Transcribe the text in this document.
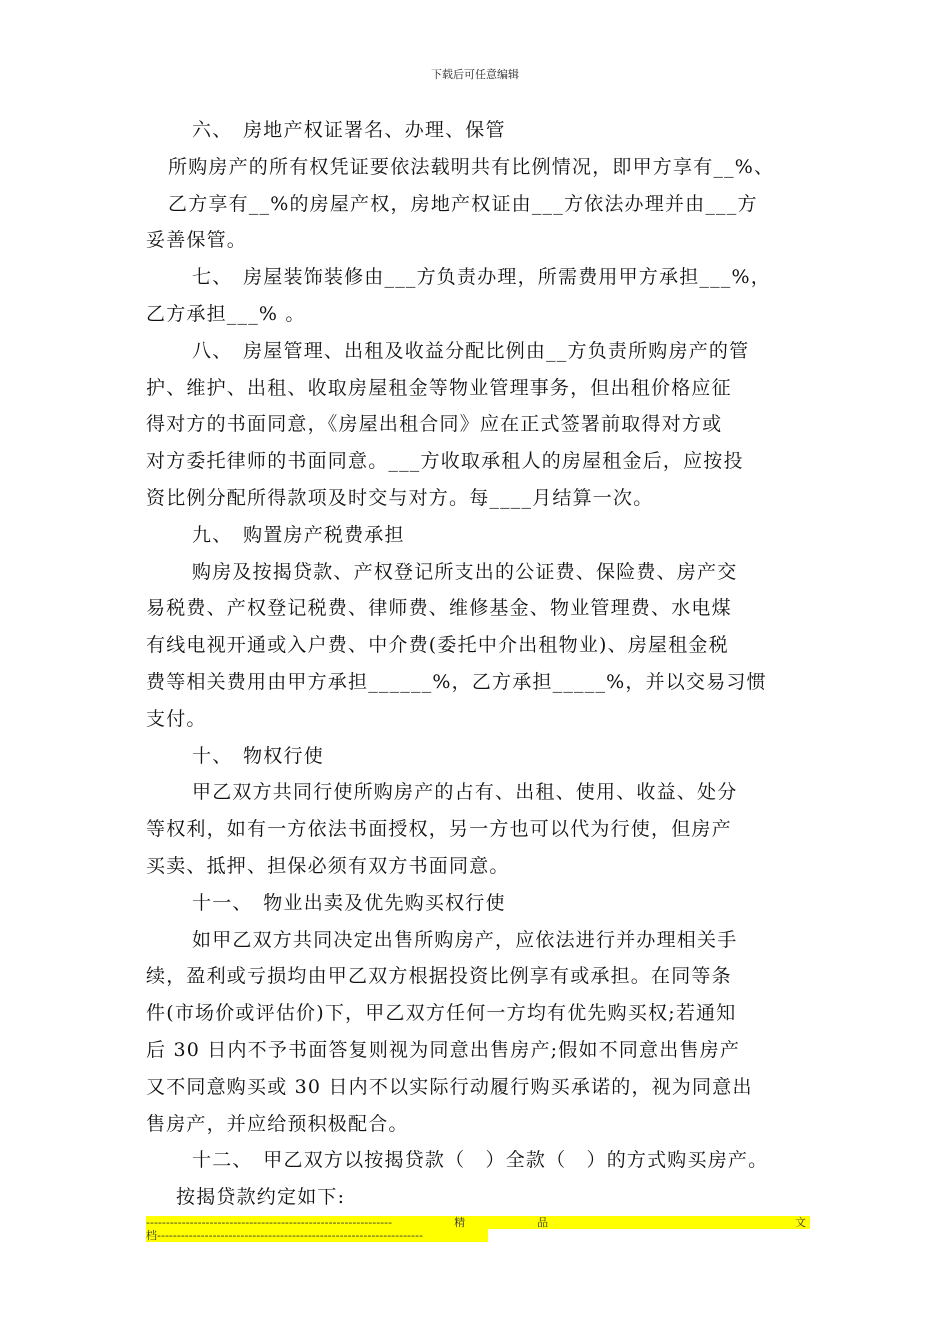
下载后可任意编辑

六、　房地产权证署名、办理、保管

所购房产的所有权凭证要依法载明共有比例情况，即甲方享有__%、

乙方享有__%的房屋产权，房地产权证由___方依法办理并由___方

妥善保管。

七、　房屋装饰装修由___方负责办理，所需费用甲方承担___%，

乙方承担___% 。

八、　房屋管理、出租及收益分配比例由__方负责所购房产的管

护、维护、出租、收取房屋租金等物业管理事务，但出租价格应征

得对方的书面同意，《房屋出租合同》应在正式签署前取得对方或

对方委托律师的书面同意。___方收取承租人的房屋租金后，应按投

资比例分配所得款项及时交与对方。每____月结算一次。

九、　购置房产税费承担

购房及按揭贷款、产权登记所支出的公证费、保险费、房产交

易税费、产权登记税费、律师费、维修基金、物业管理费、水电煤

有线电视开通或入户费、中介费(委托中介出租物业)、房屋租金税

费等相关费用由甲方承担______%，乙方承担_____%，并以交易习惯

支付。

十、　物权行使

甲乙双方共同行使所购房产的占有、出租、使用、收益、处分

等权利，如有一方依法书面授权，另一方也可以代为行使，但房产

买卖、抵押、担保必须有双方书面同意。

十一、　物业出卖及优先购买权行使

如甲乙双方共同决定出售所购房产，应依法进行并办理相关手

续，盈利或亏损均由甲乙双方根据投资比例享有或承担。在同等条

件(市场价或评估价)下，甲乙双方任何一方均有优先购买权;若通知

后 30 日内不予书面答复则视为同意出售房产;假如不同意出售房产

又不同意购买或 30 日内不以实际行动履行购买承诺的，视为同意出

售房产，并应给预积极配合。

十二、　甲乙双方以按揭贷款（　）全款（　）的方式购买房产。

按揭贷款约定如下:

--------------------------------------------------------------	精	品	文
档-------------------------------------------------------------------
